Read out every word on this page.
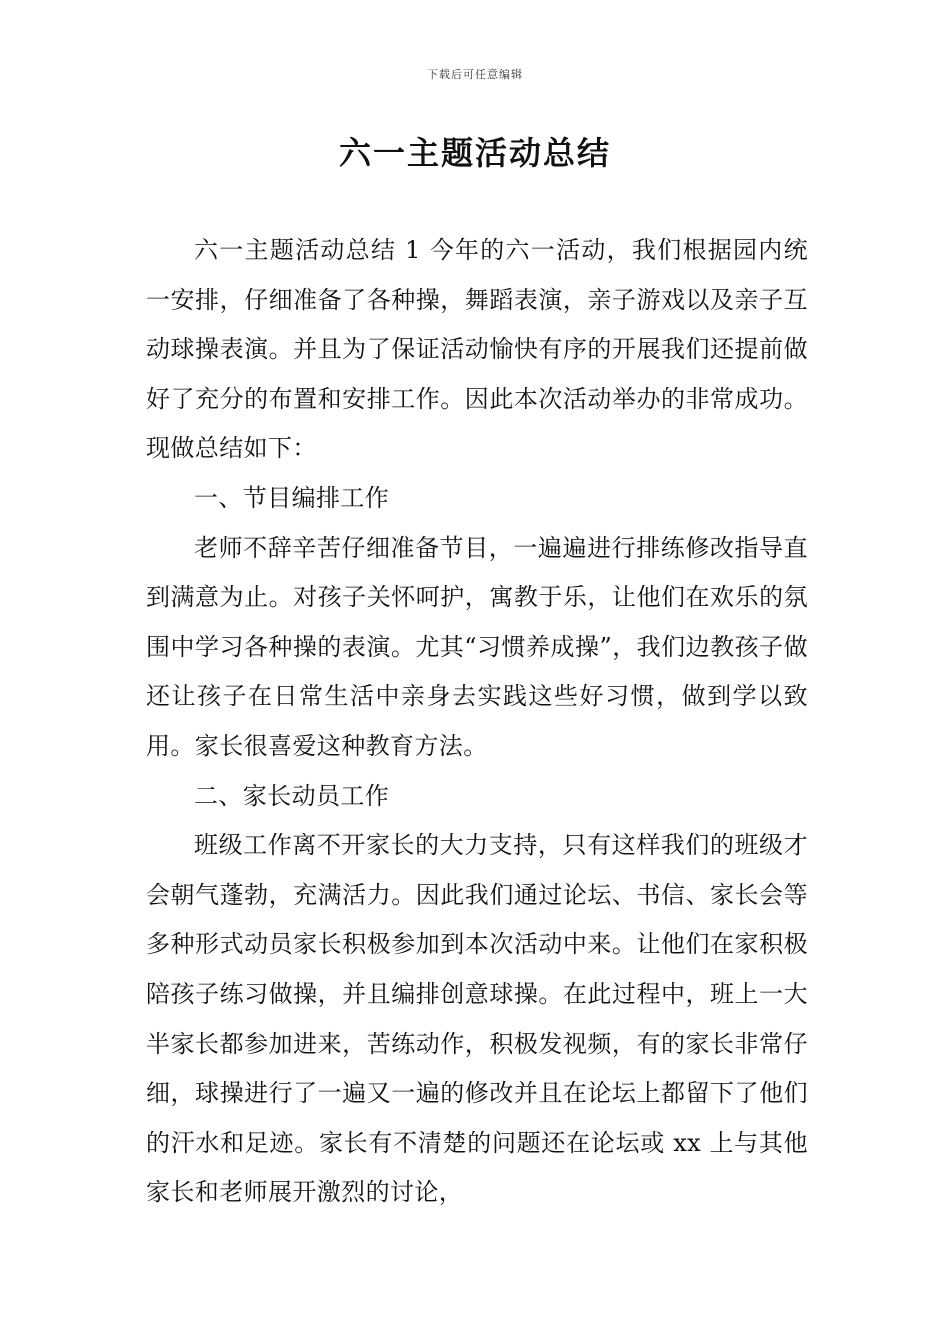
下载后可任意编辑
六一主题活动总结

六一主题活动总结 1 今年的六一活动，我们根据园内统一安排，仔细准备了各种操，舞蹈表演，亲子游戏以及亲子互动球操表演。并且为了保证活动愉快有序的开展我们还提前做好了充分的布置和安排工作。因此本次活动举办的非常成功。现做总结如下：

一、节目编排工作

老师不辞辛苦仔细准备节目，一遍遍进行排练修改指导直到满意为止。对孩子关怀呵护，寓教于乐，让他们在欢乐的氛围中学习各种操的表演。尤其“习惯养成操”，我们边教孩子做还让孩子在日常生活中亲身去实践这些好习惯，做到学以致用。家长很喜爱这种教育方法。

二、家长动员工作

班级工作离不开家长的大力支持，只有这样我们的班级才会朝气蓬勃，充满活力。因此我们通过论坛、书信、家长会等多种形式动员家长积极参加到本次活动中来。让他们在家积极陪孩子练习做操，并且编排创意球操。在此过程中，班上一大半家长都参加进来，苦练动作，积极发视频，有的家长非常仔细，球操进行了一遍又一遍的修改并且在论坛上都留下了他们的汗水和足迹。家长有不清楚的问题还在论坛或 xx 上与其他家长和老师展开激烈的讨论，
